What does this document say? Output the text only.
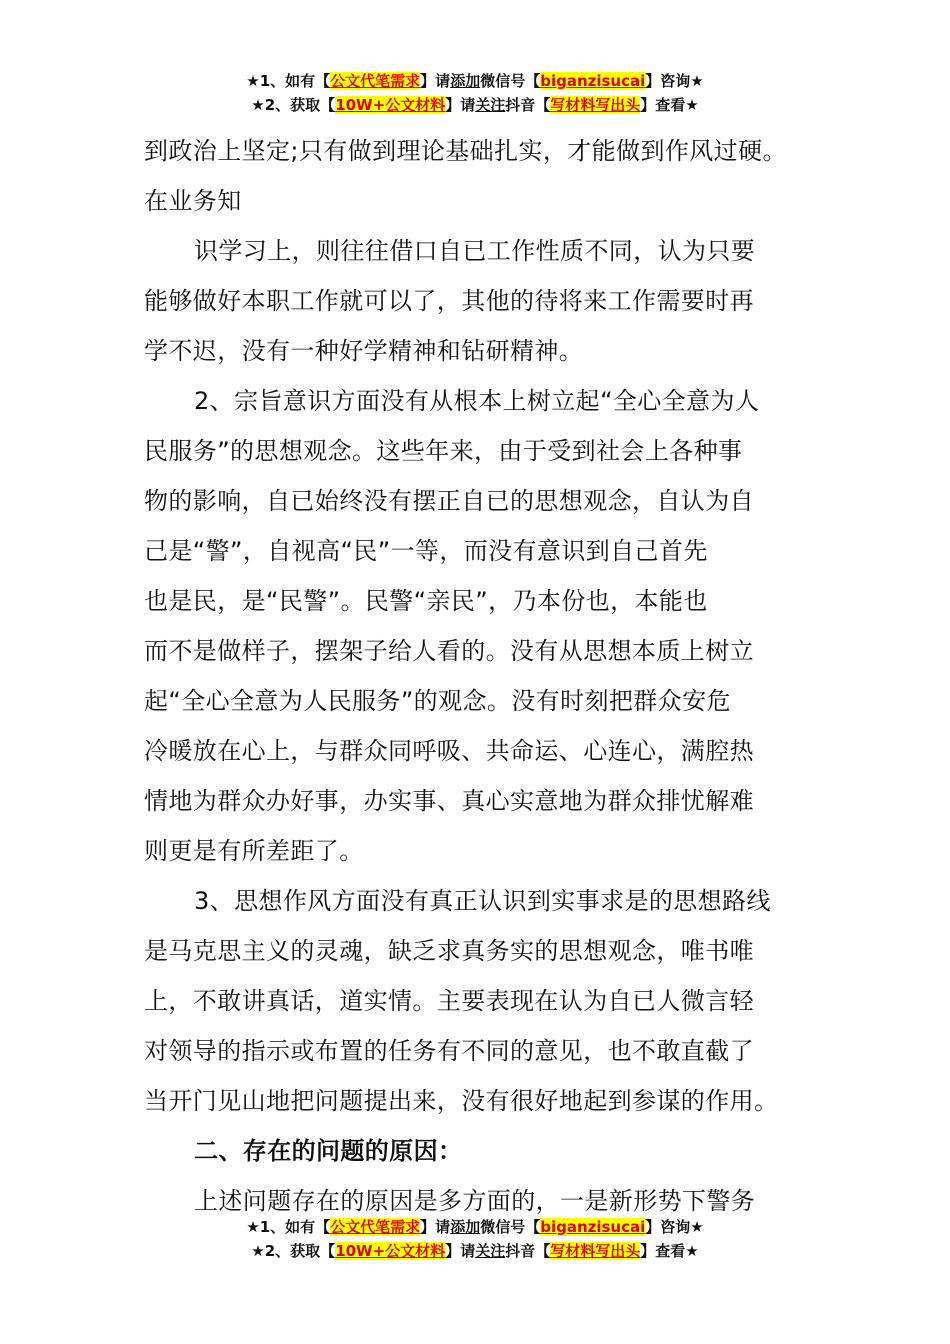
★1、如有【公文代笔需求】请添加微信号【biganzisucai】咨询★
★2、获取【10W+公文材料】请关注抖音【写材料写出头】查看★
到政治上坚定;只有做到理论基础扎实，才能做到作风过硬。
在业务知
识学习上，则往往借口自已工作性质不同，认为只要
能够做好本职工作就可以了，其他的待将来工作需要时再
学不迟，没有一种好学精神和钻研精神。
2、宗旨意识方面没有从根本上树立起“全心全意为人
民服务”的思想观念。这些年来，由于受到社会上各种事
物的影响，自已始终没有摆正自已的思想观念，自认为自
己是“警”，自视高“民”一等，而没有意识到自己首先
也是民，是“民警”。民警“亲民”，乃本份也，本能也
而不是做样子，摆架子给人看的。没有从思想本质上树立
起“全心全意为人民服务”的观念。没有时刻把群众安危
冷暖放在心上，与群众同呼吸、共命运、心连心，满腔热
情地为群众办好事，办实事、真心实意地为群众排忧解难
则更是有所差距了。
3、思想作风方面没有真正认识到实事求是的思想路线
是马克思主义的灵魂，缺乏求真务实的思想观念，唯书唯
上，不敢讲真话，道实情。主要表现在认为自已人微言轻
对领导的指示或布置的任务有不同的意见，也不敢直截了
当开门见山地把问题提出来，没有很好地起到参谋的作用。
二、存在的问题的原因：
上述问题存在的原因是多方面的，一是新形势下警务
★1、如有【公文代笔需求】请添加微信号【biganzisucai】咨询★
★2、获取【10W+公文材料】请关注抖音【写材料写出头】查看★
